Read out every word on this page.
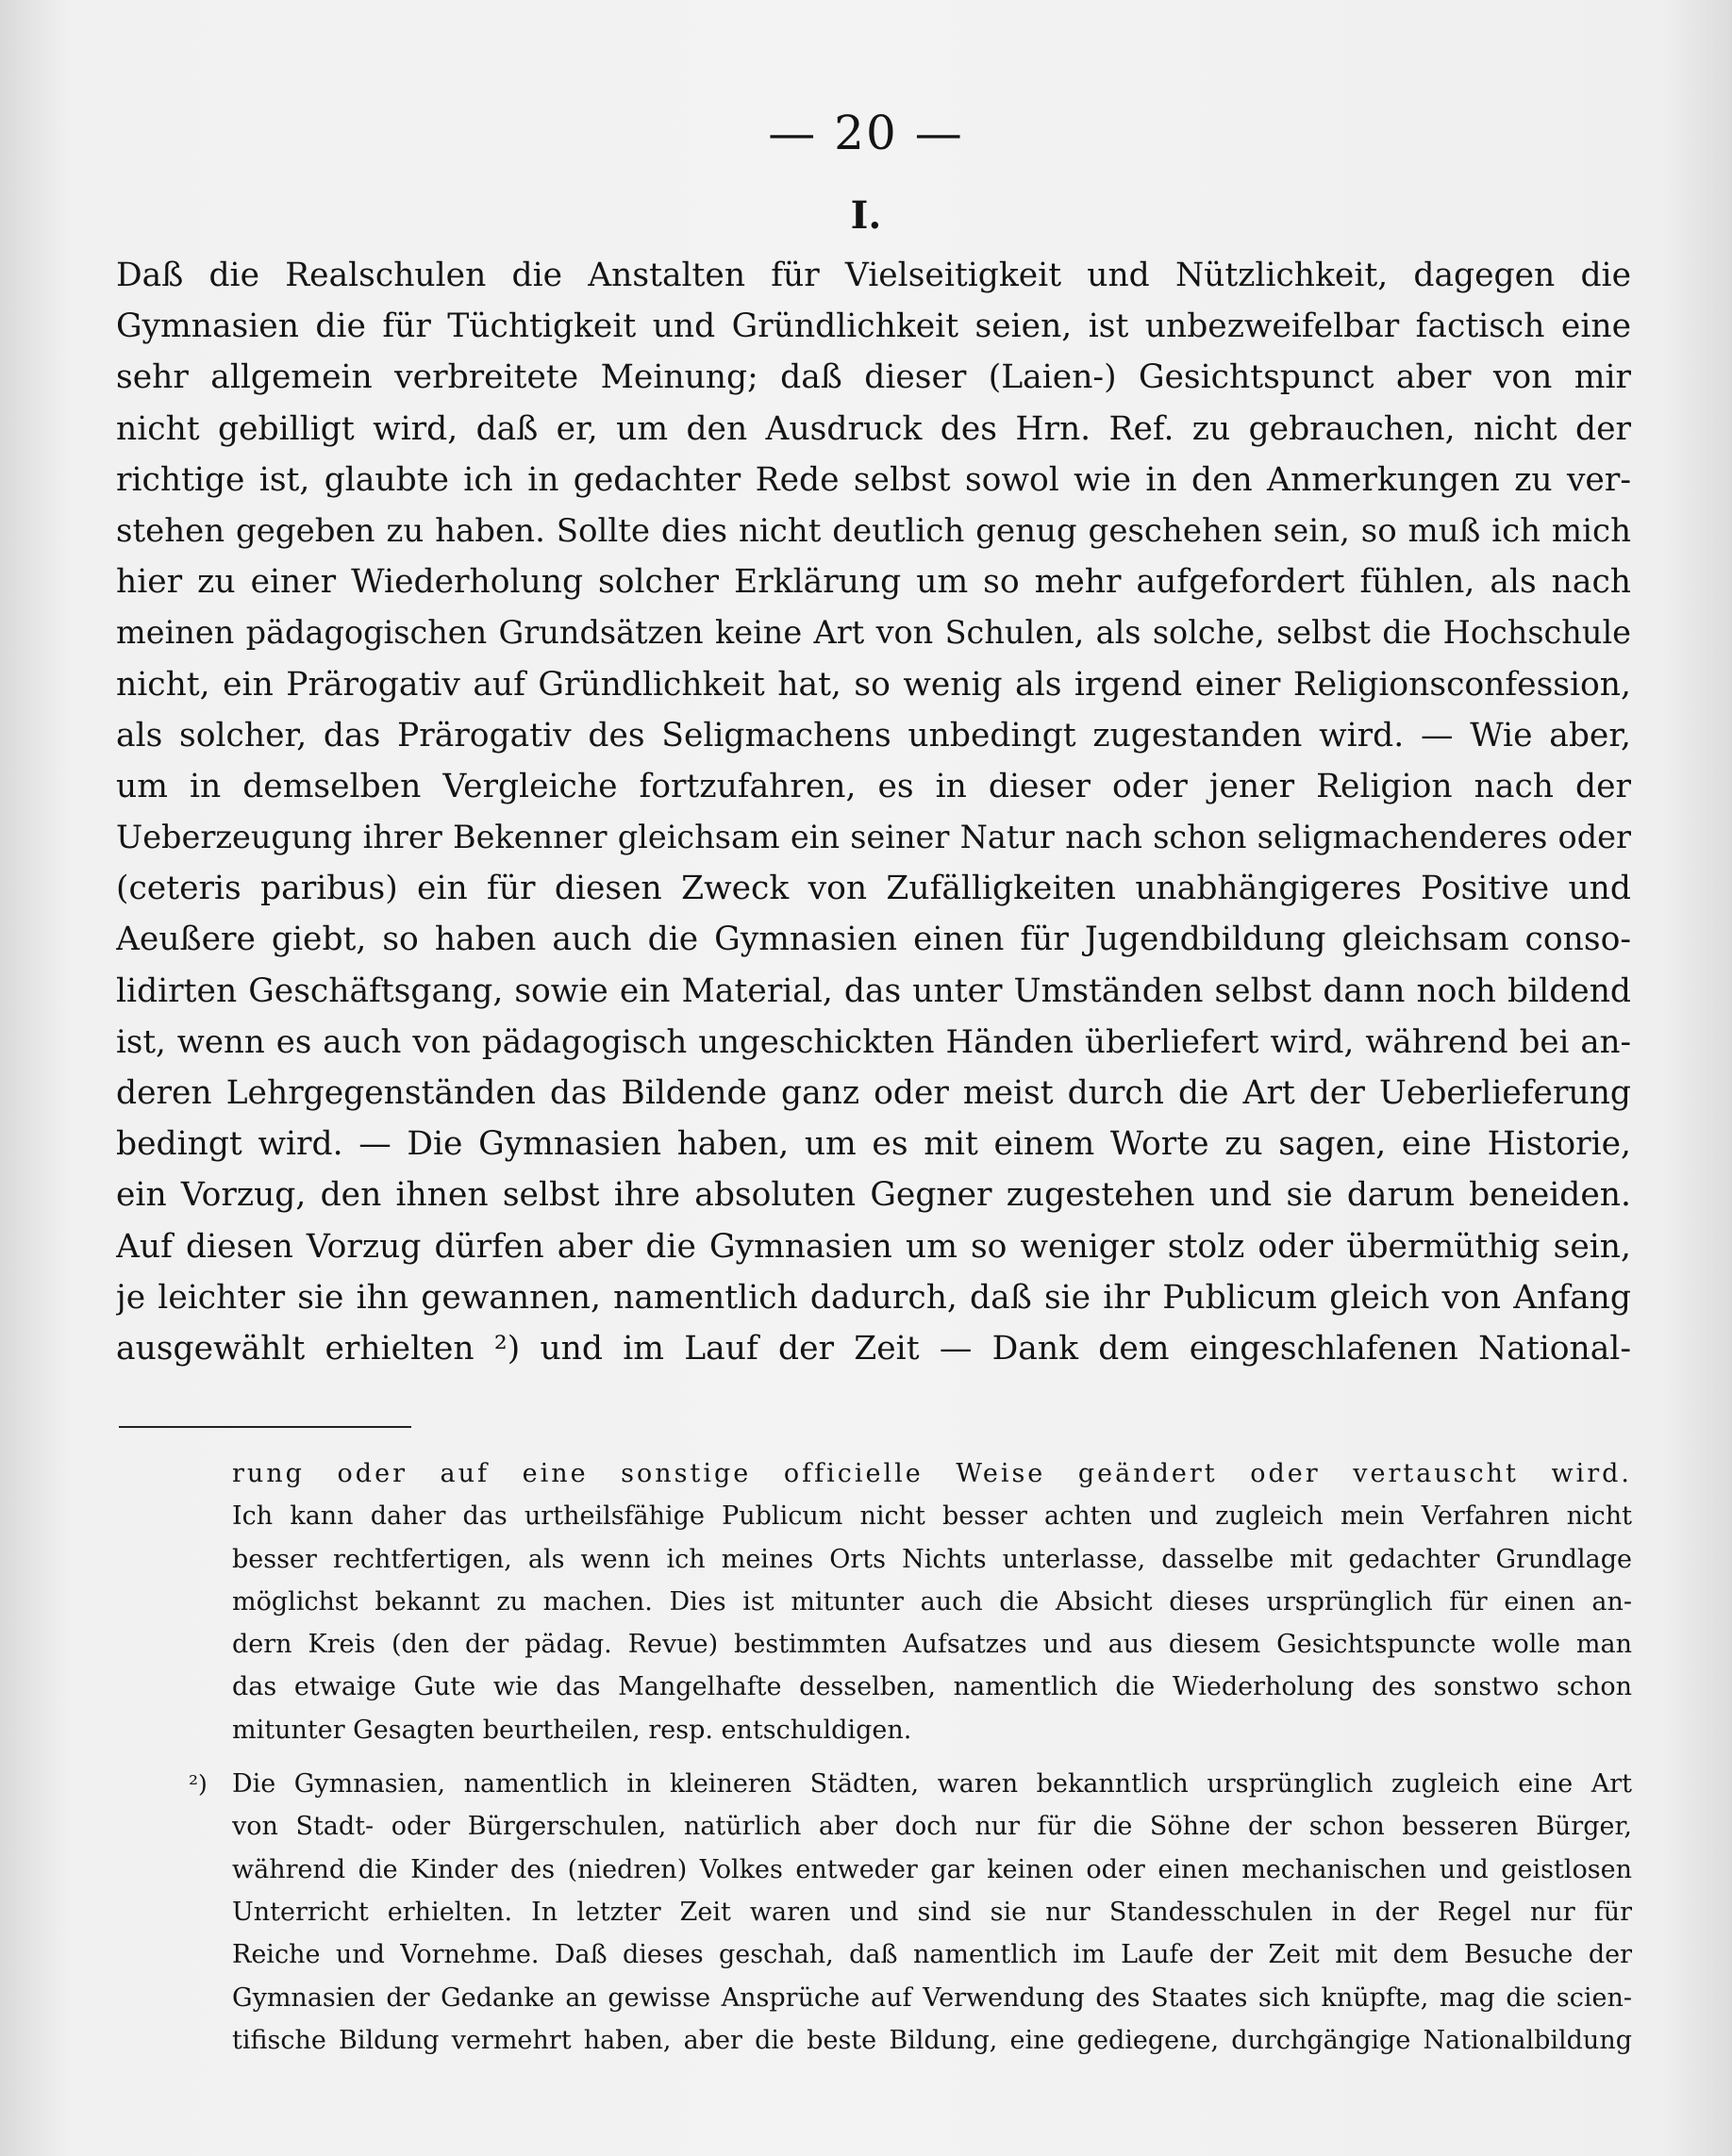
— 20 —
I.
Daß die Realschulen die Anstalten für Vielseitigkeit und Nützlichkeit, dagegen die
Gymnasien die für Tüchtigkeit und Gründlichkeit seien, ist unbezweifelbar factisch eine
sehr allgemein verbreitete Meinung; daß dieser (Laien-) Gesichtspunct aber von mir
nicht gebilligt wird, daß er, um den Ausdruck des Hrn. Ref. zu gebrauchen, nicht der
richtige ist, glaubte ich in gedachter Rede selbst sowol wie in den Anmerkungen zu ver-
stehen gegeben zu haben. Sollte dies nicht deutlich genug geschehen sein, so muß ich mich
hier zu einer Wiederholung solcher Erklärung um so mehr aufgefordert fühlen, als nach
meinen pädagogischen Grundsätzen keine Art von Schulen, als solche, selbst die Hochschule
nicht, ein Prärogativ auf Gründlichkeit hat, so wenig als irgend einer Religionsconfession,
als solcher, das Prärogativ des Seligmachens unbedingt zugestanden wird. — Wie aber,
um in demselben Vergleiche fortzufahren, es in dieser oder jener Religion nach der
Ueberzeugung ihrer Bekenner gleichsam ein seiner Natur nach schon seligmachenderes oder
(ceteris paribus) ein für diesen Zweck von Zufälligkeiten unabhängigeres Positive und
Aeußere giebt, so haben auch die Gymnasien einen für Jugendbildung gleichsam conso-
lidirten Geschäftsgang, sowie ein Material, das unter Umständen selbst dann noch bildend
ist, wenn es auch von pädagogisch ungeschickten Händen überliefert wird, während bei an-
deren Lehrgegenständen das Bildende ganz oder meist durch die Art der Ueberlieferung
bedingt wird. — Die Gymnasien haben, um es mit einem Worte zu sagen, eine Historie,
ein Vorzug, den ihnen selbst ihre absoluten Gegner zugestehen und sie darum beneiden.
Auf diesen Vorzug dürfen aber die Gymnasien um so weniger stolz oder übermüthig sein,
je leichter sie ihn gewannen, namentlich dadurch, daß sie ihr Publicum gleich von Anfang
ausgewählt erhielten ²) und im Lauf der Zeit — Dank dem eingeschlafenen National-
rung oder auf eine sonstige officielle Weise geändert oder vertauscht wird.
Ich kann daher das urtheilsfähige Publicum nicht besser achten und zugleich mein Verfahren nicht
besser rechtfertigen, als wenn ich meines Orts Nichts unterlasse, dasselbe mit gedachter Grundlage
möglichst bekannt zu machen. Dies ist mitunter auch die Absicht dieses ursprünglich für einen an-
dern Kreis (den der pädag. Revue) bestimmten Aufsatzes und aus diesem Gesichtspuncte wolle man
das etwaige Gute wie das Mangelhafte desselben, namentlich die Wiederholung des sonstwo schon
mitunter Gesagten beurtheilen, resp. entschuldigen.
²) Die Gymnasien, namentlich in kleineren Städten, waren bekanntlich ursprünglich zugleich eine Art
von Stadt- oder Bürgerschulen, natürlich aber doch nur für die Söhne der schon besseren Bürger,
während die Kinder des (niedren) Volkes entweder gar keinen oder einen mechanischen und geistlosen
Unterricht erhielten. In letzter Zeit waren und sind sie nur Standesschulen in der Regel nur für
Reiche und Vornehme. Daß dieses geschah, daß namentlich im Laufe der Zeit mit dem Besuche der
Gymnasien der Gedanke an gewisse Ansprüche auf Verwendung des Staates sich knüpfte, mag die scien-
tifische Bildung vermehrt haben, aber die beste Bildung, eine gediegene, durchgängige Nationalbildung
